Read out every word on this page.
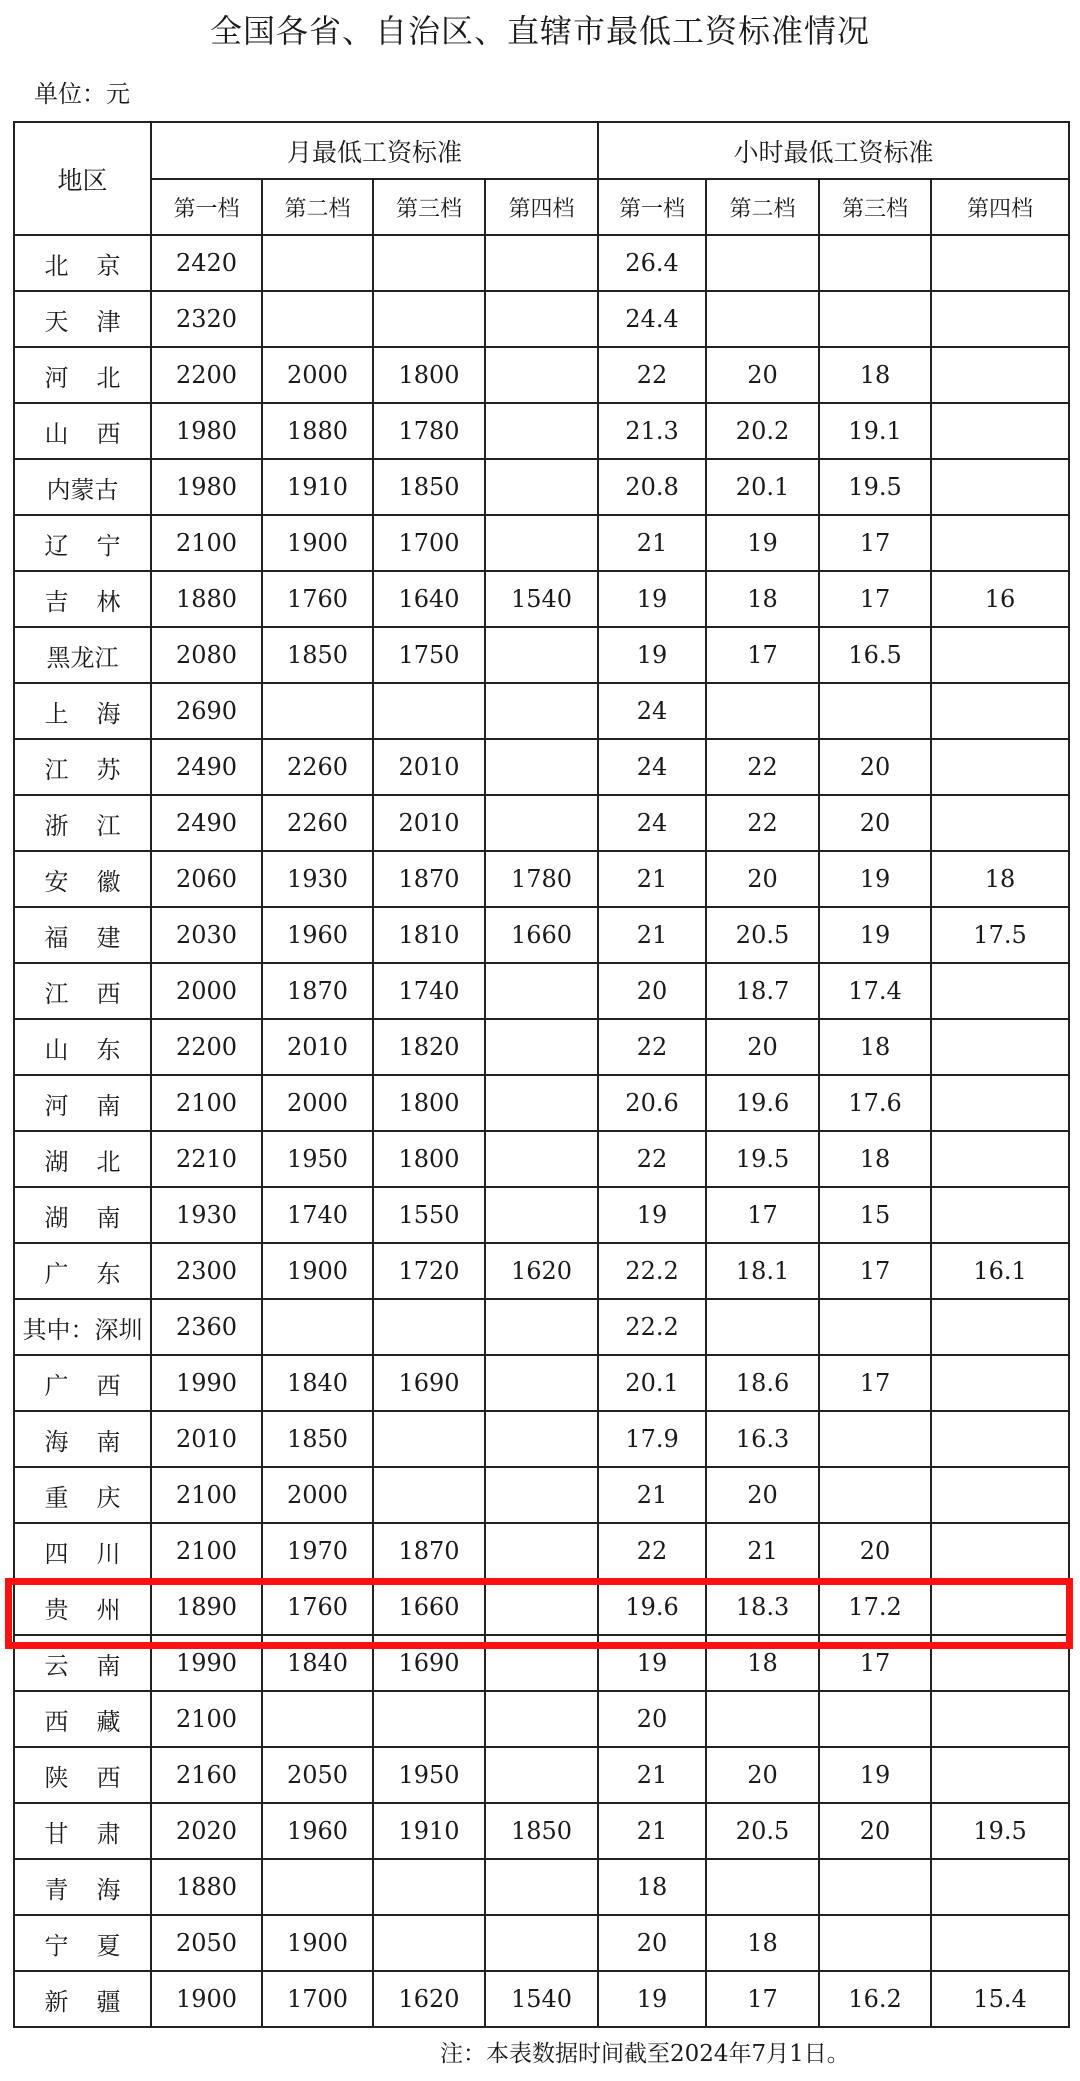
全国各省、自治区、直辖市最低工资标准情况
单位：元
地区	月最低工资标准				小时最低工资标准			
	第一档	第二档	第三档	第四档	第一档	第二档	第三档	第四档
北京	2420				26.4			
天津	2320				24.4			
河北	2200	2000	1800		22	20	18	
山西	1980	1880	1780		21.3	20.2	19.1	
内蒙古	1980	1910	1850		20.8	20.1	19.5	
辽宁	2100	1900	1700		21	19	17	
吉林	1880	1760	1640	1540	19	18	17	16
黑龙江	2080	1850	1750		19	17	16.5	
上海	2690				24			
江苏	2490	2260	2010		24	22	20	
浙江	2490	2260	2010		24	22	20	
安徽	2060	1930	1870	1780	21	20	19	18
福建	2030	1960	1810	1660	21	20.5	19	17.5
江西	2000	1870	1740		20	18.7	17.4	
山东	2200	2010	1820		22	20	18	
河南	2100	2000	1800		20.6	19.6	17.6	
湖北	2210	1950	1800		22	19.5	18	
湖南	1930	1740	1550		19	17	15	
广东	2300	1900	1720	1620	22.2	18.1	17	16.1
其中：深圳	2360				22.2			
广西	1990	1840	1690		20.1	18.6	17	
海南	2010	1850			17.9	16.3		
重庆	2100	2000			21	20		
四川	2100	1970	1870		22	21	20	
贵州	1890	1760	1660		19.6	18.3	17.2	
云南	1990	1840	1690		19	18	17	
西藏	2100				20			
陕西	2160	2050	1950		21	20	19	
甘肃	2020	1960	1910	1850	21	20.5	20	19.5
青海	1880				18			
宁夏	2050	1900			20	18		
新疆	1900	1700	1620	1540	19	17	16.2	15.4
注：本表数据时间截至2024年7月1日。
